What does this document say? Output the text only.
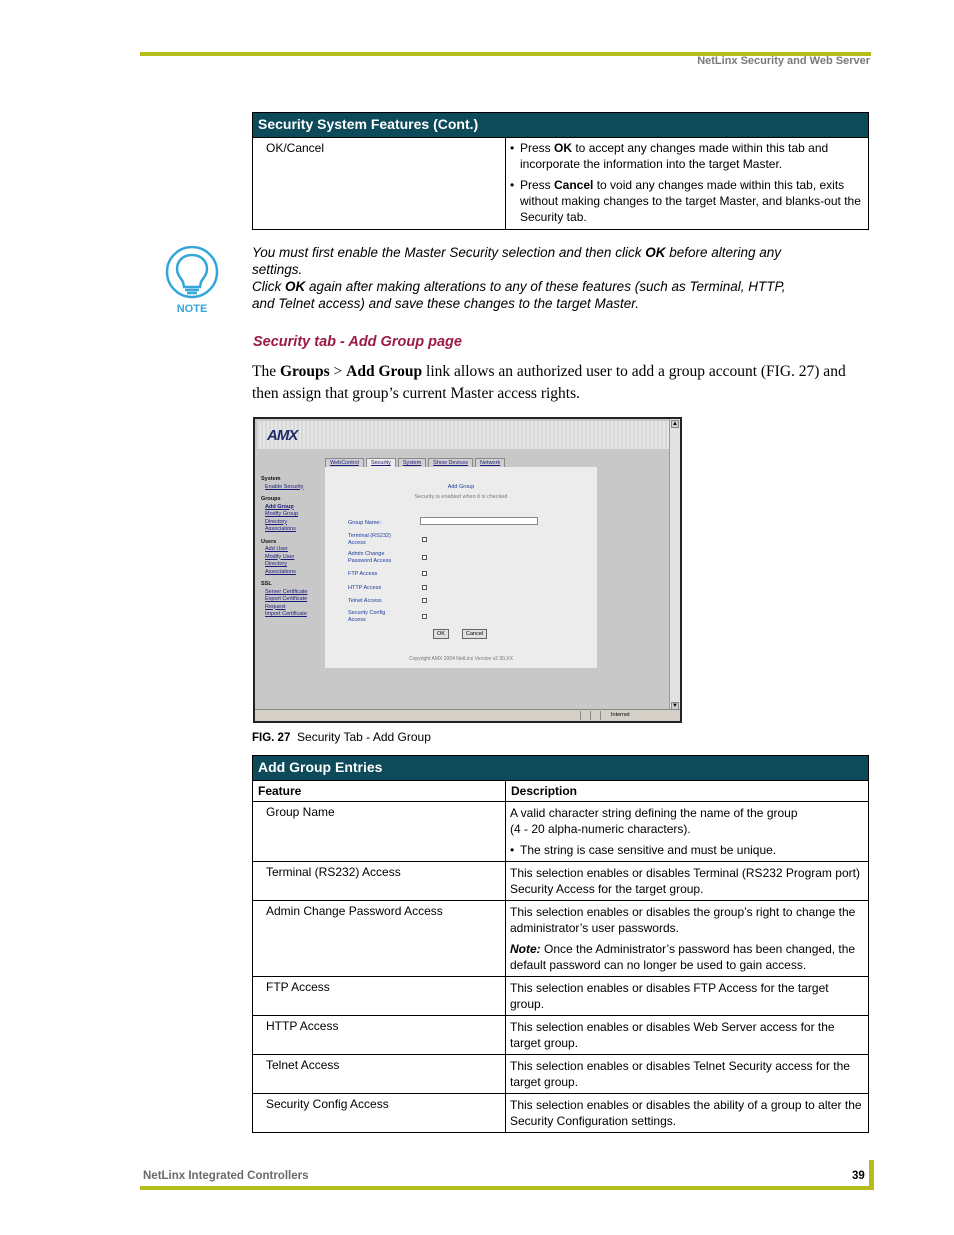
NetLinx Security and Web Server
Security System Features (Cont.)
OK/Cancel	• Press OK to accept any changes made within this tab and incorporate the information into the target Master.
• Press Cancel to void any changes made within this tab, exits without making changes to the target Master, and blanks-out the Security tab.
NOTE
You must first enable the Master Security selection and then click OK before altering any settings.
Click OK again after making alterations to any of these features (such as Terminal, HTTP, and Telnet access) and save these changes to the target Master.
Security tab - Add Group page
The Groups > Add Group link allows an authorized user to add a group account (FIG. 27) and then assign that group’s current Master access rights.
AMX
▲
▼
WebControl	Security	System	Show Devices	Network
System
Enable Security
Groups
Add Group
Modify Group
Directory
Associations
Users
Add User
Modify User
Directory
Associations
SSL
Server Certificate
Export Certificate
Request
Import Certificate
Add Group
Security is enabled when it is checked
Group Name:
Terminal (RS232)
Access
Admin Change
Password Access
FTP Access
HTTP Access
Telnet Access
Security Config
Access
OK	Cancel
Copyright AMX 2004 NetLinx Version v2.30.XX
Internet
FIG. 27 Security Tab - Add Group
Add Group Entries	
Feature	Description
Group Name	A valid character string defining the name of the group
(4 - 20 alpha-numeric characters).
• The string is case sensitive and must be unique.

Terminal (RS232) Access	This selection enables or disables Terminal (RS232 Program port) Security Access for the target group.
Admin Change Password Access	This selection enables or disables the group’s right to change the administrator’s user passwords.
Note: Once the Administrator’s password has been changed, the default password can no longer be used to gain access.

FTP Access	This selection enables or disables FTP Access for the target group.
HTTP Access	This selection enables or disables Web Server access for the target group.
Telnet Access	This selection enables or disables Telnet Security access for the target group.
Security Config Access	This selection enables or disables the ability of a group to alter the Security Configuration settings.
NetLinx Integrated Controllers	39
